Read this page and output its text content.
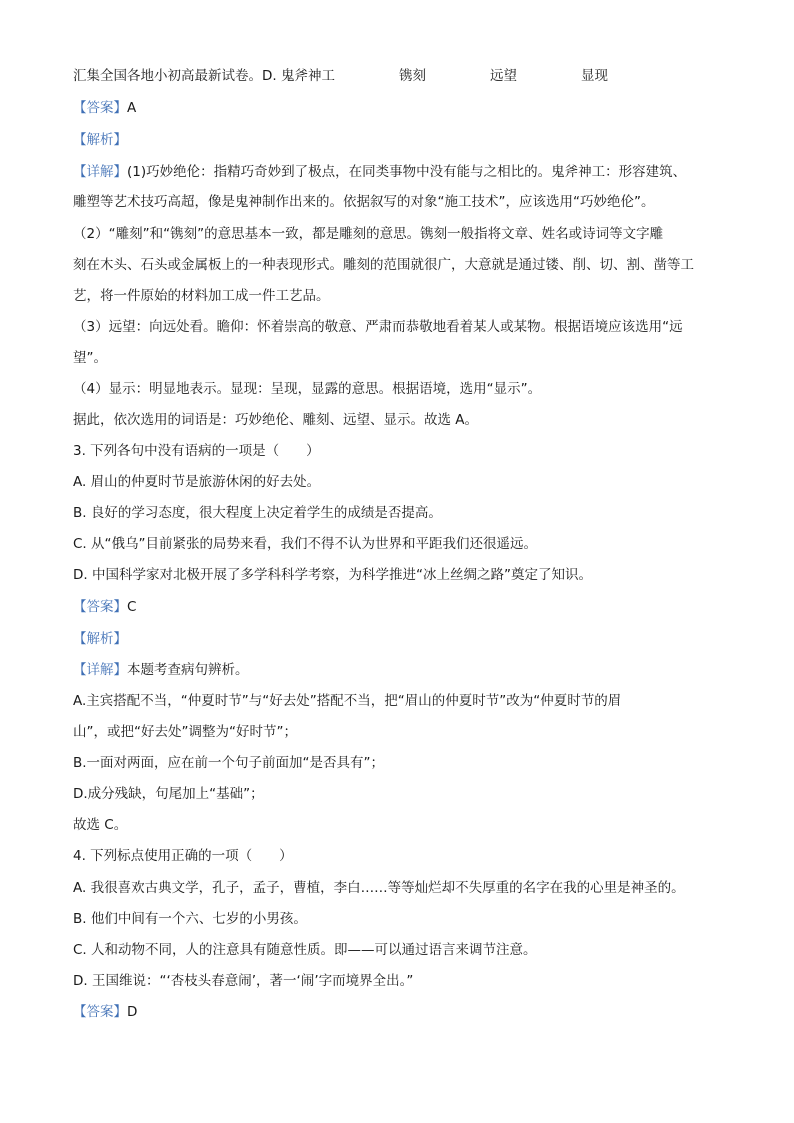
汇集全国各地小初高最新试卷。D. 鬼斧神工	镌刻	远望	显现
【答案】A
【解析】
【详解】(1)巧妙绝伦：指精巧奇妙到了极点，在同类事物中没有能与之相比的。鬼斧神工：形容建筑、
雕塑等艺术技巧高超，像是鬼神制作出来的。依据叙写的对象“施工技术”，应该选用“巧妙绝伦”。
（2）“雕刻”和“镌刻”的意思基本一致，都是雕刻的意思。镌刻一般指将文章、姓名或诗词等文字雕
刻在木头、石头或金属板上的一种表现形式。雕刻的范围就很广，大意就是通过镂、削、切、割、凿等工
艺，将一件原始的材料加工成一件工艺品。
（3）远望：向远处看。瞻仰：怀着崇高的敬意、严肃而恭敬地看着某人或某物。根据语境应该选用“远
望”。
（4）显示：明显地表示。显现：呈现，显露的意思。根据语境，选用“显示”。
据此，依次选用的词语是：巧妙绝伦、雕刻、远望、显示。故选 A。
3. 下列各句中没有语病的一项是（　　）
A. 眉山的仲夏时节是旅游休闲的好去处。
B. 良好的学习态度，很大程度上决定着学生的成绩是否提高。
C. 从“俄乌”目前紧张的局势来看，我们不得不认为世界和平距我们还很遥远。
D. 中国科学家对北极开展了多学科科学考察，为科学推进“冰上丝绸之路”奠定了知识。
【答案】C
【解析】
【详解】本题考查病句辨析。
A.主宾搭配不当，“仲夏时节”与“好去处”搭配不当，把“眉山的仲夏时节”改为“仲夏时节的眉
山”，或把“好去处”调整为“好时节”；
B.一面对两面，应在前一个句子前面加“是否具有”；
D.成分残缺，句尾加上“基础”；
故选 C。
4. 下列标点使用正确的一项（　　）
A. 我很喜欢古典文学，孔子，孟子，曹植，李白……等等灿烂却不失厚重的名字在我的心里是神圣的。
B. 他们中间有一个六、七岁的小男孩。
C. 人和动物不同，人的注意具有随意性质。即——可以通过语言来调节注意。
D. 王国维说：“‘杏枝头春意闹’，著一‘闹’字而境界全出。”
【答案】D
